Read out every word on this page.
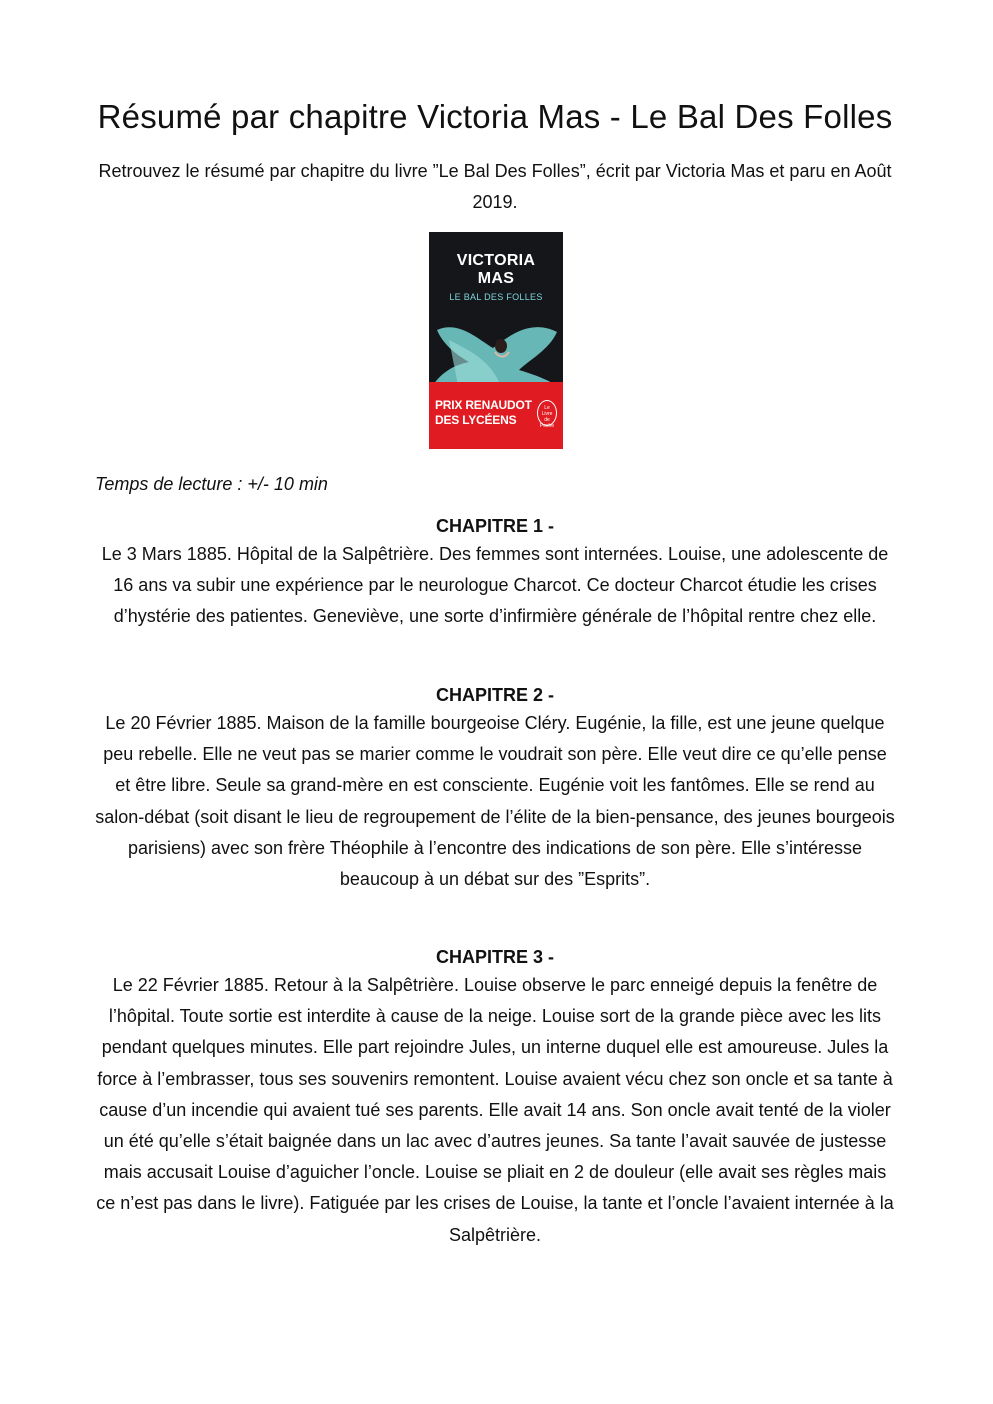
Résumé par chapitre Victoria Mas - Le Bal Des Folles

Retrouvez le résumé par chapitre du livre ”Le Bal Des Folles”, écrit par Victoria Mas et paru en Août 2019.

VICTORIA
MAS
LE BAL DES FOLLES
PRIX RENAUDOT
DES LYCÉENS
Le
Livre
de
Poche

Temps de lecture : +/- 10 min

CHAPITRE 1 -

Le 3 Mars 1885. Hôpital de la Salpêtrière. Des femmes sont internées. Louise, une adolescente de 16 ans va subir une expérience par le neurologue Charcot. Ce docteur Charcot étudie les crises d’hystérie des patientes. Geneviève, une sorte d’infirmière générale de l’hôpital rentre chez elle.

CHAPITRE 2 -

Le 20 Février 1885. Maison de la famille bourgeoise Cléry. Eugénie, la fille, est une jeune quelque peu rebelle. Elle ne veut pas se marier comme le voudrait son père. Elle veut dire ce qu’elle pense et être libre. Seule sa grand-mère en est consciente. Eugénie voit les fantômes. Elle se rend au salon-débat (soit disant le lieu de regroupement de l’élite de la bien-pensance, des jeunes bourgeois parisiens) avec son frère Théophile à l’encontre des indications de son père. Elle s’intéresse beaucoup à un débat sur des ”Esprits”.

CHAPITRE 3 -

Le 22 Février 1885. Retour à la Salpêtrière. Louise observe le parc enneigé depuis la fenêtre de l’hôpital. Toute sortie est interdite à cause de la neige. Louise sort de la grande pièce avec les lits pendant quelques minutes. Elle part rejoindre Jules, un interne duquel elle est amoureuse. Jules la force à l’embrasser, tous ses souvenirs remontent. Louise avaient vécu chez son oncle et sa tante à cause d’un incendie qui avaient tué ses parents. Elle avait 14 ans. Son oncle avait tenté de la violer un été qu’elle s’était baignée dans un lac avec d’autres jeunes. Sa tante l’avait sauvée de justesse mais accusait Louise d’aguicher l’oncle. Louise se pliait en 2 de douleur (elle avait ses règles mais ce n’est pas dans le livre). Fatiguée par les crises de Louise, la tante et l’oncle l’avaient internée à la Salpêtrière.
